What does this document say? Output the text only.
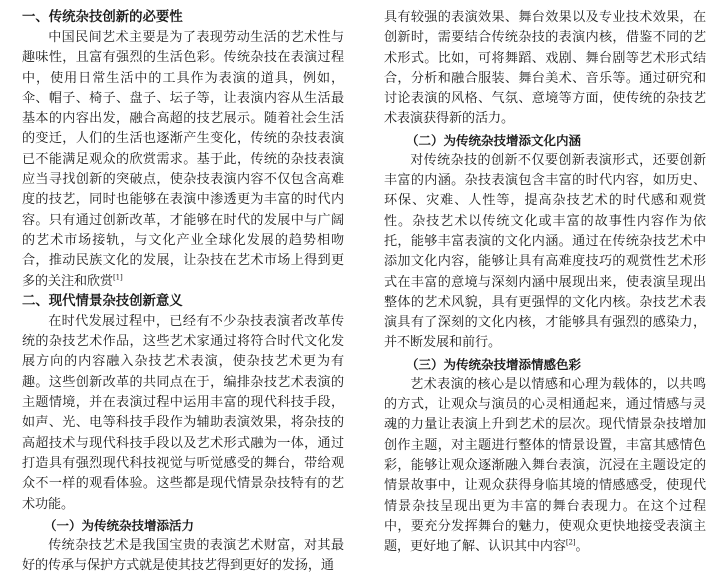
一、传统杂技创新的必要性

中国民间艺术主要是为了表现劳动生活的艺术性与趣味性，且富有强烈的生活色彩。传统杂技在表演过程中，使用日常生活中的工具作为表演的道具，例如，伞、帽子、椅子、盘子、坛子等，让表演内容从生活最基本的内容出发，融合高超的技艺展示。随着社会生活的变迁，人们的生活也逐渐产生变化，传统的杂技表演已不能满足观众的欣赏需求。基于此，传统的杂技表演应当寻找创新的突破点，使杂技表演内容不仅包含高难度的技艺，同时也能够在表演中渗透更为丰富的时代内容。只有通过创新改革，才能够在时代的发展中与广阔的艺术市场接轨，与文化产业全球化发展的趋势相吻合，推动民族文化的发展，让杂技在艺术市场上得到更多的关注和欣赏[1]

二、现代情景杂技创新意义

在时代发展过程中，已经有不少杂技表演者改革传统的杂技艺术作品，这些艺术家通过将符合时代文化发展方向的内容融入杂技艺术表演，使杂技艺术更为有趣。这些创新改革的共同点在于，编排杂技艺术表演的主题情境，并在表演过程中运用丰富的现代科技手段，如声、光、电等科技手段作为辅助表演效果，将杂技的高超技术与现代科技手段以及艺术形式融为一体，通过打造具有强烈现代科技视觉与听觉感受的舞台，带给观众不一样的观看体验。这些都是现代情景杂技特有的艺术功能。

（一）为传统杂技增添活力

传统杂技艺术是我国宝贵的表演艺术财富，对其最好的传承与保护方式就是使其技艺得到更好的发扬，通

具有较强的表演效果、舞台效果以及专业技术效果，在创新时，需要结合传统杂技的表演内核，借鉴不同的艺术形式。比如，可将舞蹈、戏剧、舞台剧等艺术形式结合，分析和融合服装、舞台美术、音乐等。通过研究和讨论表演的风格、气氛、意境等方面，使传统的杂技艺术表演获得新的活力。

（二）为传统杂技增添文化内涵

对传统杂技的创新不仅要创新表演形式，还要创新丰富的内涵。杂技表演包含丰富的时代内容，如历史、环保、灾难、人性等，提高杂技艺术的时代感和观赏性。杂技艺术以传统文化或丰富的故事性内容作为依托，能够丰富表演的文化内涵。通过在传统杂技艺术中添加文化内容，能够让具有高难度技巧的观赏性艺术形式在丰富的意境与深刻内涵中展现出来，使表演呈现出整体的艺术风貌，具有更强悍的文化内核。杂技艺术表演具有了深刻的文化内核，才能够具有强烈的感染力，并不断发展和前行。

（三）为传统杂技增添情感色彩

艺术表演的核心是以情感和心理为载体的，以共鸣的方式，让观众与演员的心灵相通起来，通过情感与灵魂的力量让表演上升到艺术的层次。现代情景杂技增加创作主题，对主题进行整体的情景设置，丰富其感情色彩，能够让观众逐渐融入舞台表演，沉浸在主题设定的情景故事中，让观众获得身临其境的情感感受，使现代情景杂技呈现出更为丰富的舞台表现力。在这个过程中，要充分发挥舞台的魅力，使观众更快地接受表演主题，更好地了解、认识其中内容[2]。
